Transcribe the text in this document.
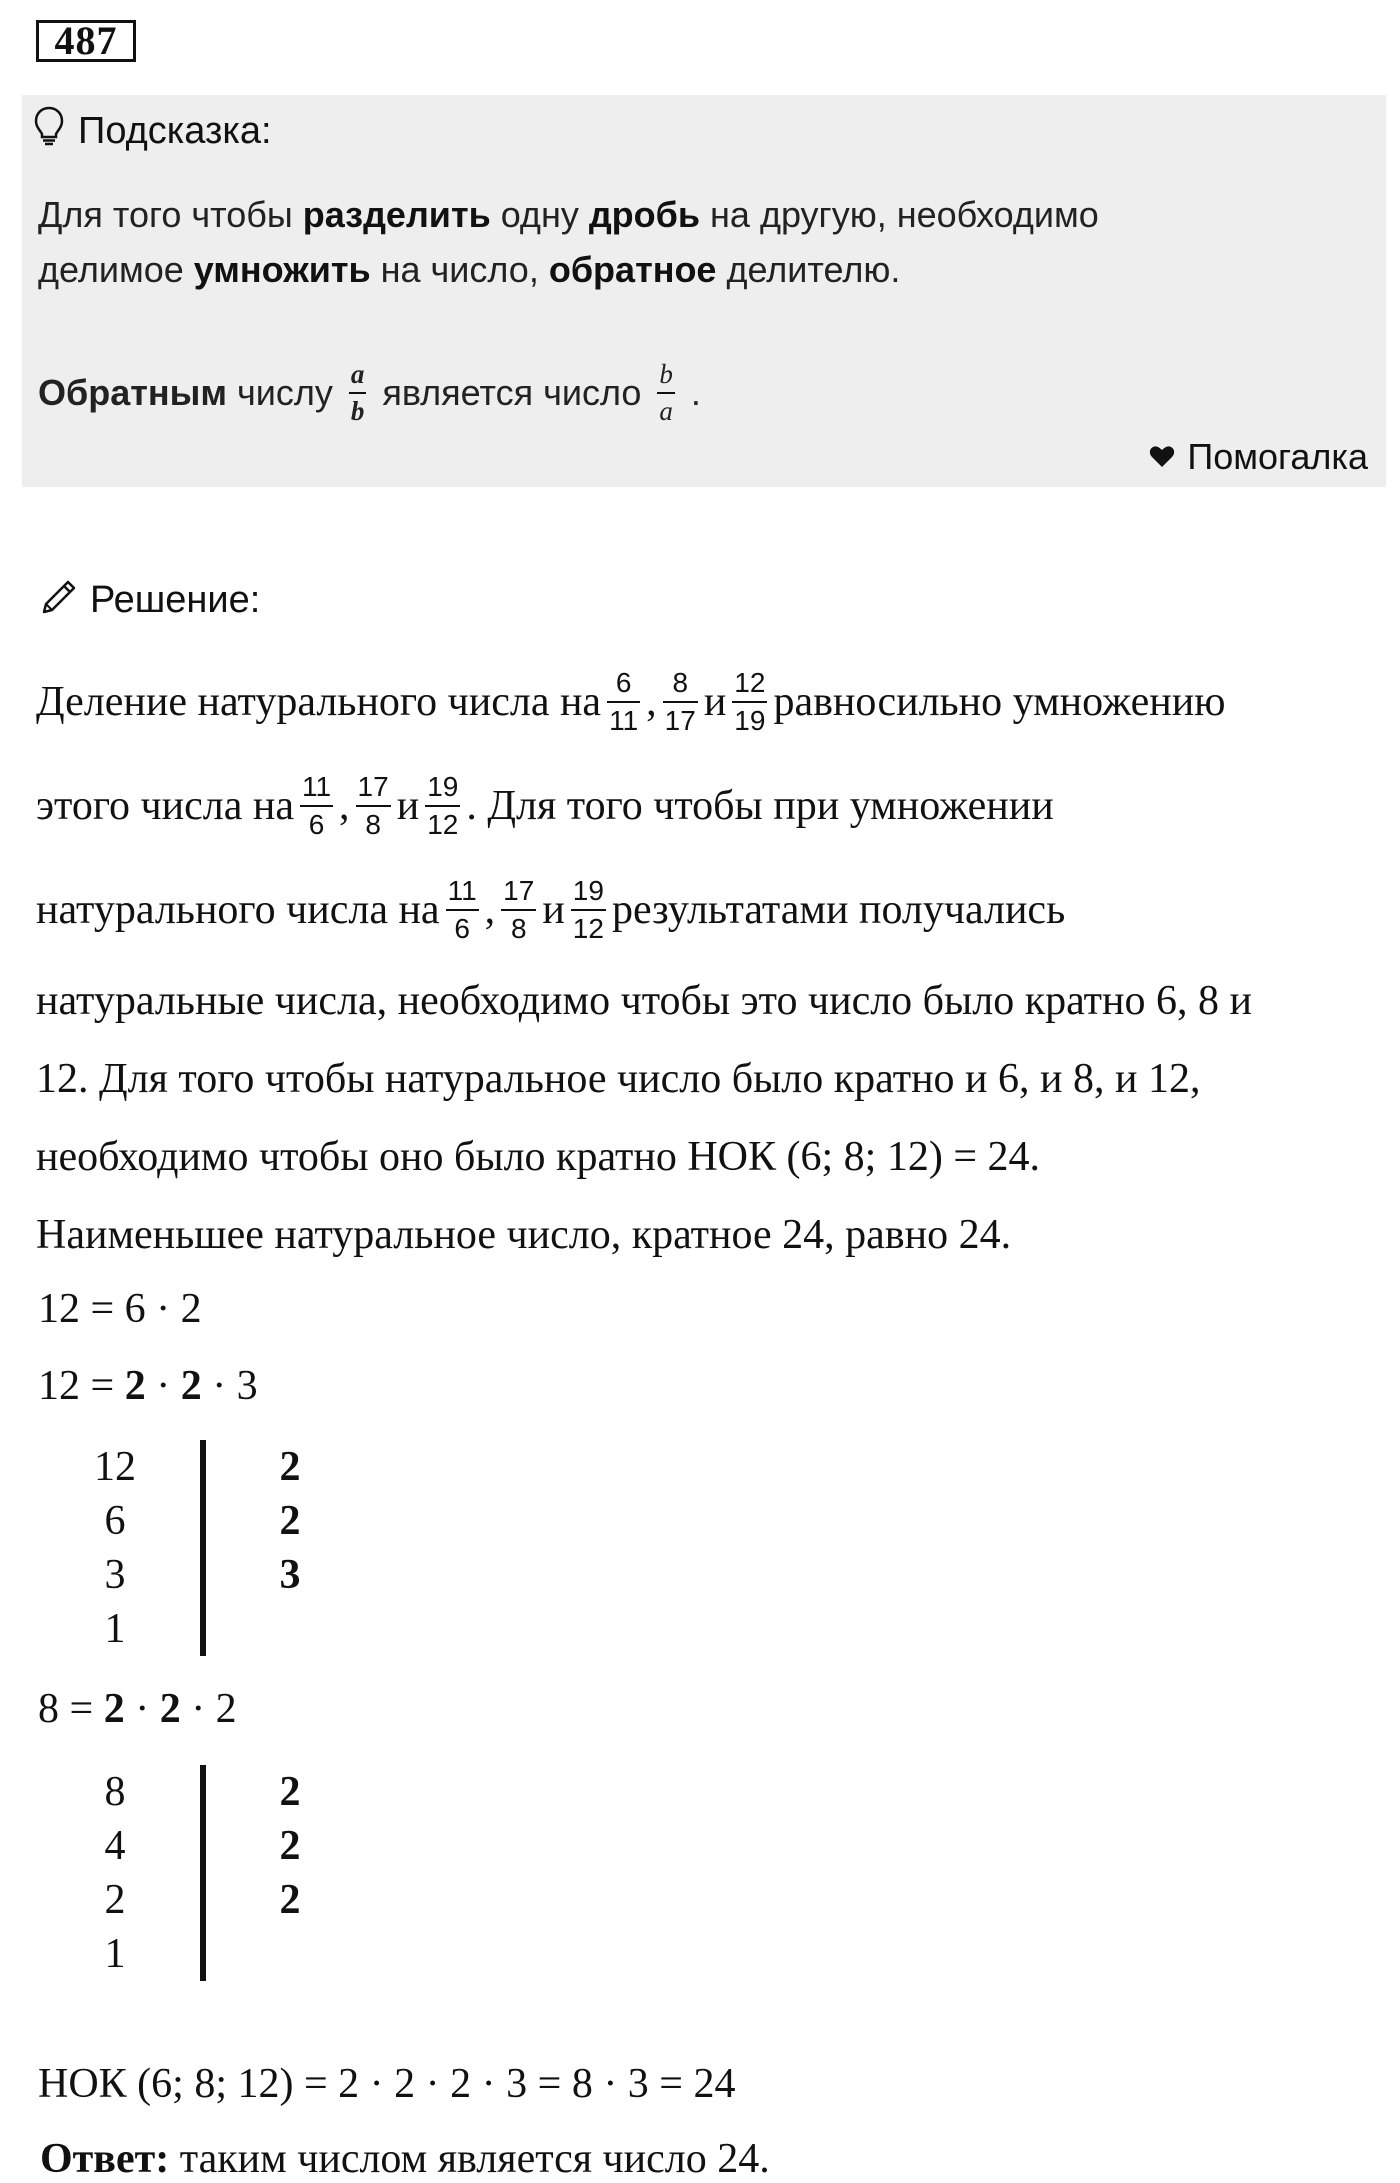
487
Подсказка:
Для того чтобы разделить одну дробь на другую, необходимо
делимое умножить на число, обратное делителю.
Обратным числу $\frac{a}{b}$ является число $\frac{b}{a}$ .
Помогалка
Решение:
Деление натурального числа на $\frac{6}{11}$ , $\frac{8}{17}$ и $\frac{12}{19}$ равносильно умножению
этого числа на $\frac{11}{6}$ , $\frac{17}{8}$ и $\frac{19}{12}$ . Для того чтобы при умножении
натурального числа на $\frac{11}{6}$ , $\frac{17}{8}$ и $\frac{19}{12}$ результатами получались
натуральные числа, необходимо чтобы это число было кратно 6, 8 и
12. Для того чтобы натуральное число было кратно и 6, и 8, и 12,
необходимо чтобы оно было кратно НОК (6; 8; 12) = 24.
Наименьшее натуральное число, кратное 24, равно 24.
12 = 6 · 2
12 = 2 · 2 · 3
12
6
3
1
2
2
3
8 = 2 · 2 · 2
8
4
2
1
2
2
2
НОК (6; 8; 12) = 2 · 2 · 2 · 3 = 8 · 3 = 24
Ответ: таким числом является число 24.
